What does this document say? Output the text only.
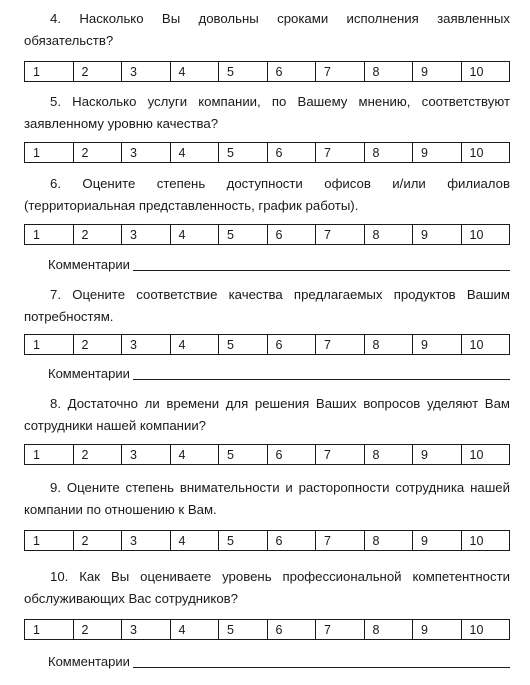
4. Насколько Вы довольны сроками исполнения заявленных обязательств?

1	2	3	4	5	6	7	8	9	10

5. Насколько услуги компании, по Вашему мнению, соответствуют заявленному уровню качества?

1	2	3	4	5	6	7	8	9	10

6. Оцените степень доступности офисов и/или филиалов (территориальная представленность, график работы).

1	2	3	4	5	6	7	8	9	10
Комментарии

7. Оцените соответствие качества предлагаемых продуктов Вашим потребностям.

1	2	3	4	5	6	7	8	9	10
Комментарии

8. Достаточно ли времени для решения Ваших вопросов уделяют Вам сотрудники нашей компании?

1	2	3	4	5	6	7	8	9	10

9. Оцените степень внимательности и расторопности сотрудника нашей компании по отношению к Вам.

1	2	3	4	5	6	7	8	9	10

10. Как Вы оцениваете уровень профессиональной компетентности обслуживающих Вас сотрудников?

1	2	3	4	5	6	7	8	9	10
Комментарии
